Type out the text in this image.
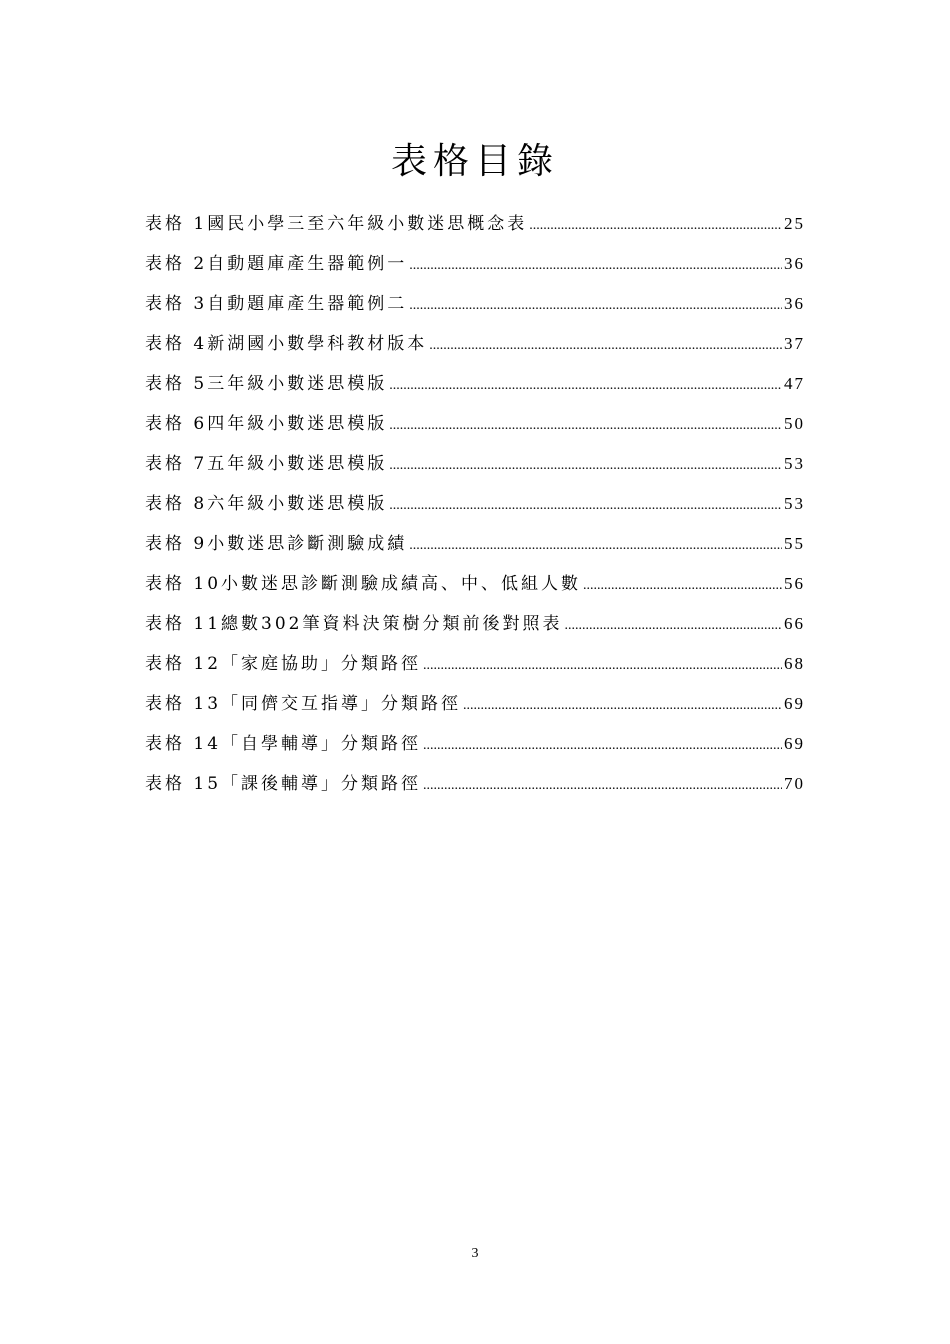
表格目錄
表格 1國民小學三至六年級小數迷思概念表 .....	25
表格 2自動題庫產生器範例一 .....	36
表格 3自動題庫產生器範例二 .....	36
表格 4新湖國小數學科教材版本 .....	37
表格 5三年級小數迷思模版 .....	47
表格 6四年級小數迷思模版 .....	50
表格 7五年級小數迷思模版 .....	53
表格 8六年級小數迷思模版 .....	53
表格 9小數迷思診斷測驗成績 .....	55
表格 10小數迷思診斷測驗成績高、中、低組人數 .....	56
表格 11總數302筆資料決策樹分類前後對照表 .....	66
表格 12「家庭協助」分類路徑 .....	68
表格 13「同儕交互指導」分類路徑 .....	69
表格 14「自學輔導」分類路徑 .....	69
表格 15「課後輔導」分類路徑 .....	70
3
